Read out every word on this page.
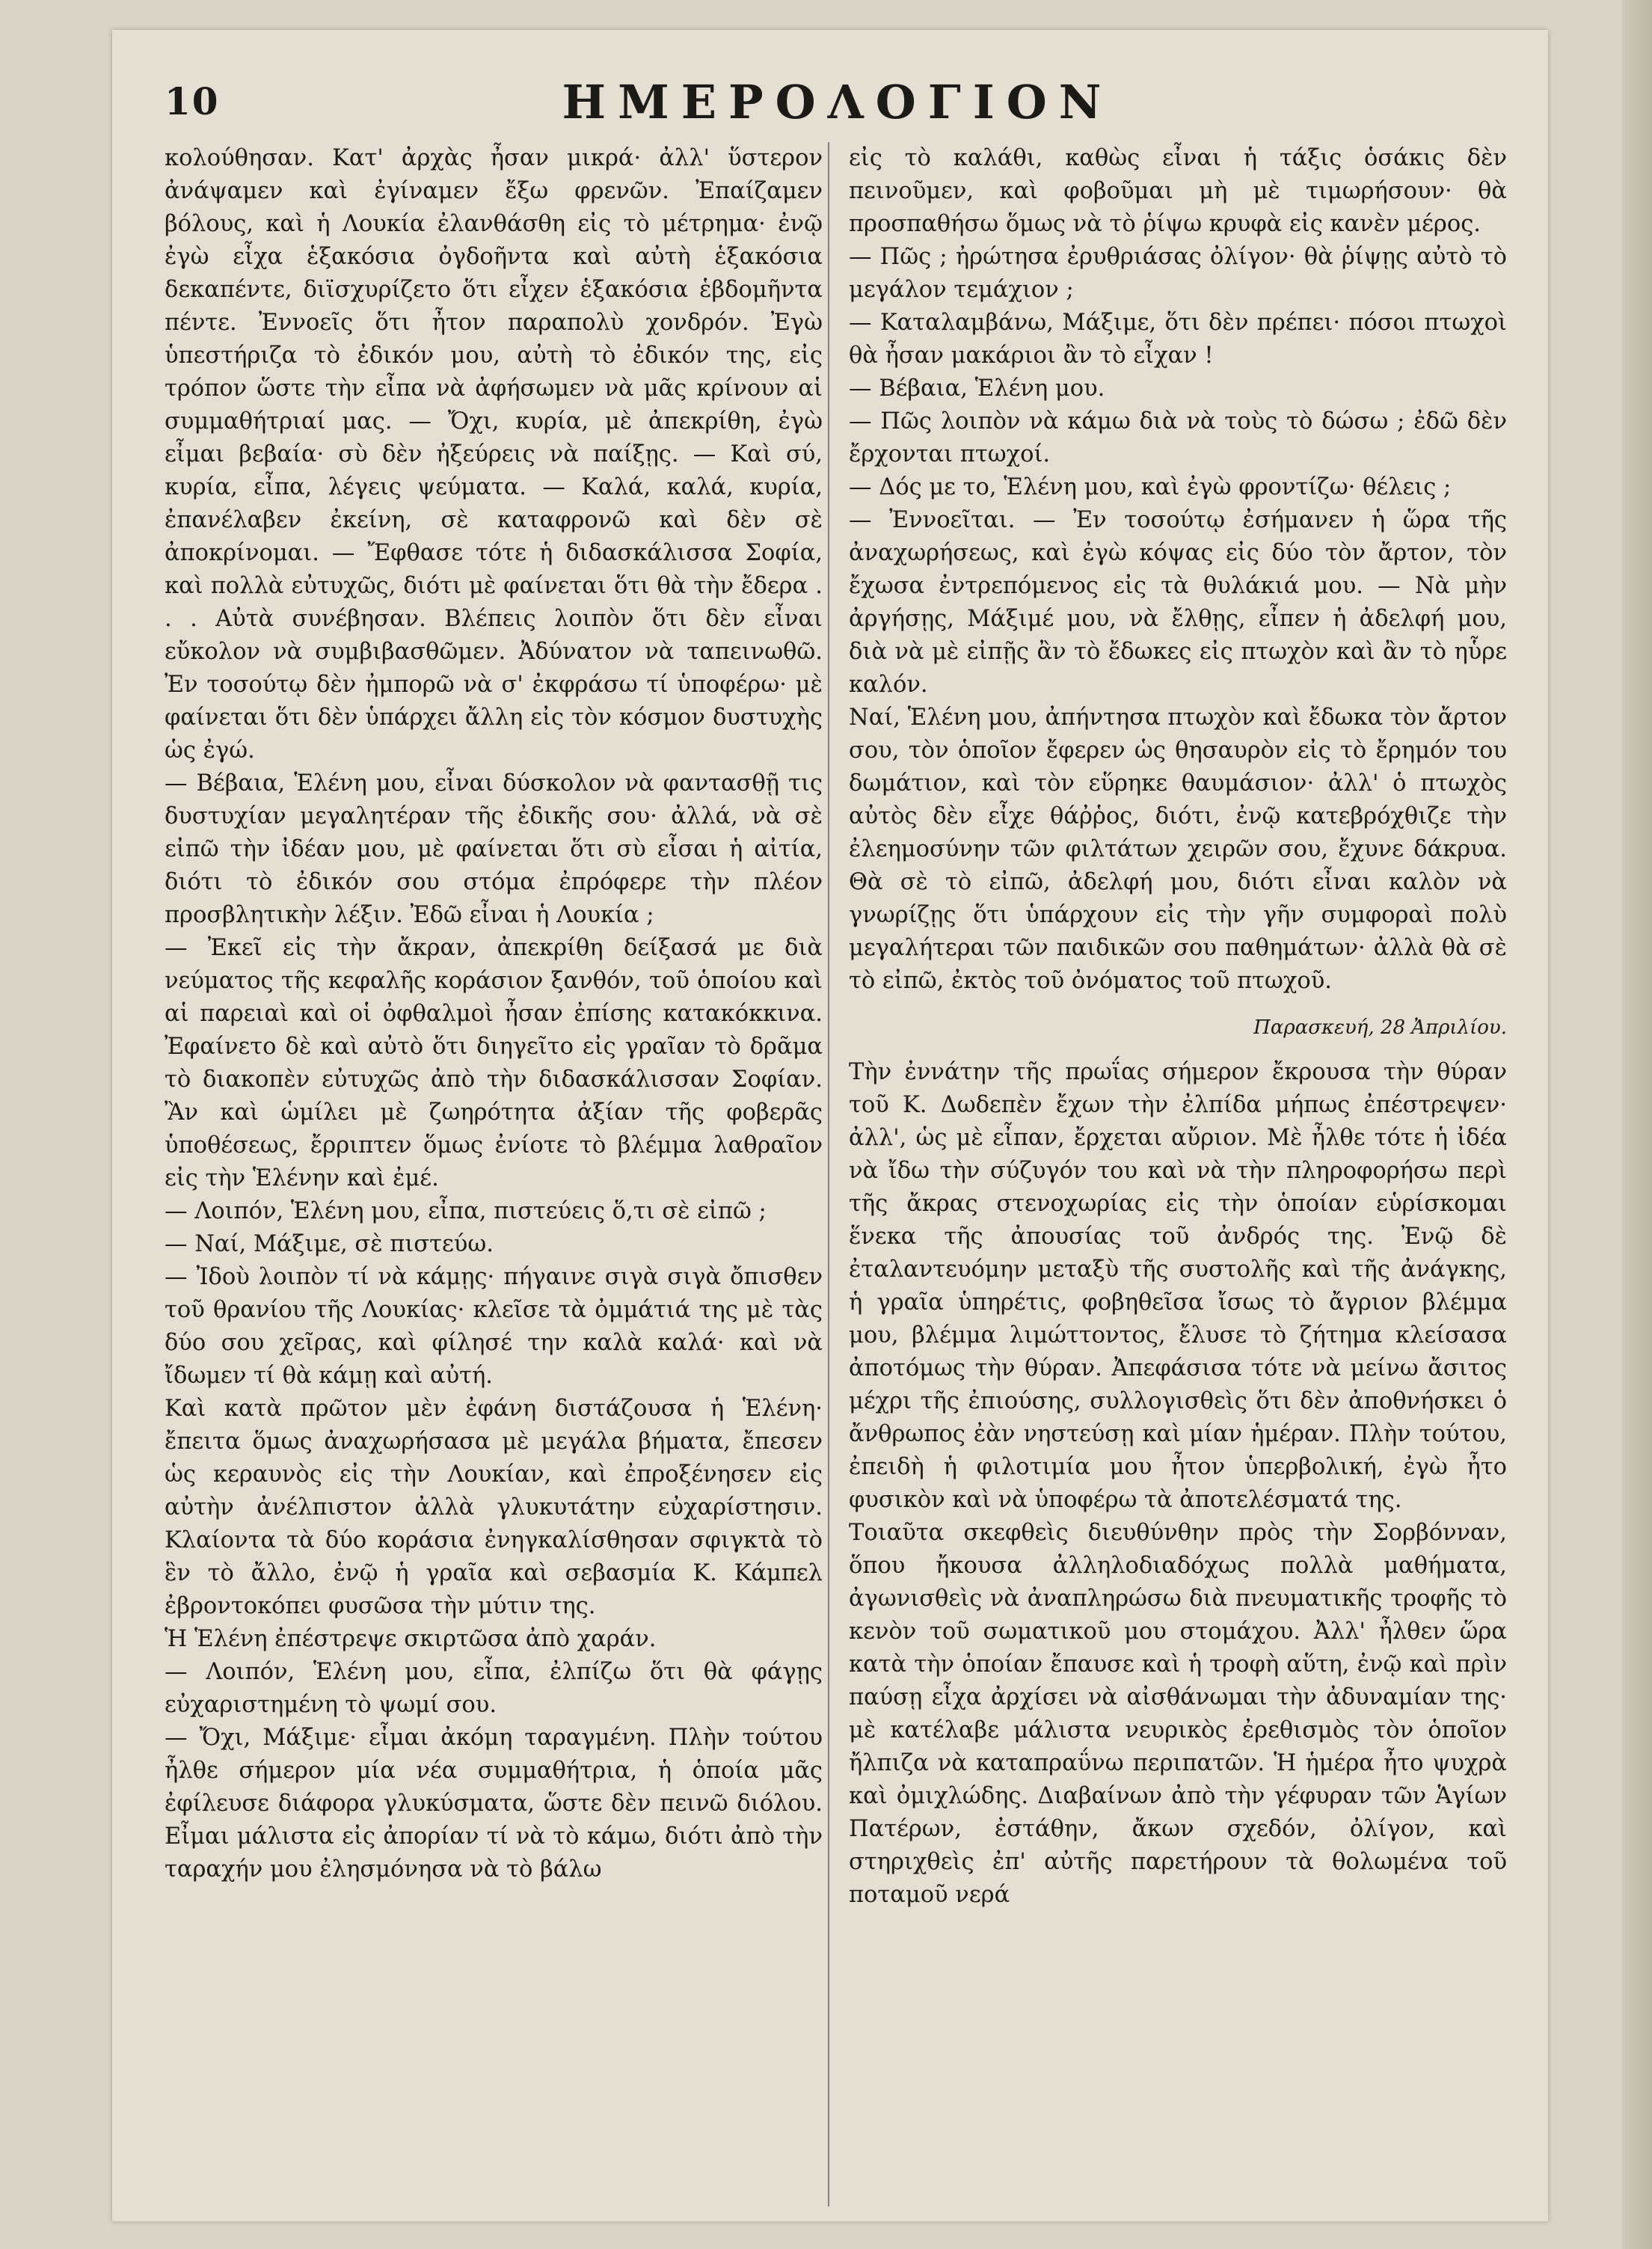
10	ΗΜΕΡΟΛΟΓΙΟΝ

κολούθησαν. Κατ' ἀρχὰς ἦσαν μικρά· ἀλλ' ὕστερον ἀνάψαμεν καὶ ἐγίναμεν ἔξω φρενῶν. Ἐπαίζαμεν βόλους, καὶ ἡ Λουκία ἐλανθάσθη εἰς τὸ μέτρημα· ἐνῷ ἐγὼ εἶχα ἑξακόσια ὀγδοῆντα καὶ αὐτὴ ἑξακόσια δεκαπέντε, διϊσχυρίζετο ὅτι εἶχεν ἑξακόσια ἑβδομῆντα πέντε. Ἐννοεῖς ὅτι ἦτον παραπολὺ χονδρόν. Ἐγὼ ὑπεστήριζα τὸ ἐδικόν μου, αὐτὴ τὸ ἐδικόν της, εἰς τρόπον ὥστε τὴν εἶπα νὰ ἀφήσωμεν νὰ μᾶς κρίνουν αἱ συμμαθήτριαί μας. — Ὄχι, κυρία, μὲ ἀπεκρίθη, ἐγὼ εἶμαι βεβαία· σὺ δὲν ἠξεύρεις νὰ παίξῃς. — Καὶ σύ, κυρία, εἶπα, λέγεις ψεύματα. — Καλά, καλά, κυρία, ἐπανέλαβεν ἐκείνη, σὲ καταφρονῶ καὶ δὲν σὲ ἀποκρίνομαι. — Ἔφθασε τότε ἡ διδασκάλισσα Σοφία, καὶ πολλὰ εὐτυχῶς, διότι μὲ φαίνεται ὅτι θὰ τὴν ἔδερα . . . Αὐτὰ συνέβησαν. Βλέπεις λοιπὸν ὅτι δὲν εἶναι εὔκολον νὰ συμβιβασθῶμεν. Ἀδύνατον νὰ ταπεινωθῶ. Ἐν τοσούτῳ δὲν ἠμπορῶ νὰ σ' ἐκφράσω τί ὑποφέρω· μὲ φαίνεται ὅτι δὲν ὑπάρχει ἄλλη εἰς τὸν κόσμον δυστυχὴς ὡς ἐγώ.

— Βέβαια, Ἑλένη μου, εἶναι δύσκολον νὰ φαντασθῇ τις δυστυχίαν μεγαλητέραν τῆς ἐδικῆς σου· ἀλλά, νὰ σὲ εἰπῶ τὴν ἰδέαν μου, μὲ φαίνεται ὅτι σὺ εἶσαι ἡ αἰτία, διότι τὸ ἐδικόν σου στόμα ἐπρόφερε τὴν πλέον προσβλητικὴν λέξιν. Ἐδῶ εἶναι ἡ Λουκία ;

— Ἐκεῖ εἰς τὴν ἄκραν, ἀπεκρίθη δείξασά με διὰ νεύματος τῆς κεφαλῆς κοράσιον ξανθόν, τοῦ ὁποίου καὶ αἱ παρειαὶ καὶ οἱ ὀφθαλμοὶ ἦσαν ἐπίσης κατακόκκινα. Ἐφαίνετο δὲ καὶ αὐτὸ ὅτι διηγεῖτο εἰς γραῖαν τὸ δρᾶμα τὸ διακοπὲν εὐτυχῶς ἀπὸ τὴν διδασκάλισσαν Σοφίαν. Ἂν καὶ ὡμίλει μὲ ζωηρότητα ἀξίαν τῆς φοβερᾶς ὑποθέσεως, ἔρριπτεν ὅμως ἐνίοτε τὸ βλέμμα λαθραῖον εἰς τὴν Ἑλένην καὶ ἐμέ.

— Λοιπόν, Ἑλένη μου, εἶπα, πιστεύεις ὅ,τι σὲ εἰπῶ ;

— Ναί, Μάξιμε, σὲ πιστεύω.

— Ἰδοὺ λοιπὸν τί νὰ κάμῃς· πήγαινε σιγὰ σιγὰ ὄπισθεν τοῦ θρανίου τῆς Λουκίας· κλεῖσε τὰ ὀμμάτιά της μὲ τὰς δύο σου χεῖρας, καὶ φίλησέ την καλὰ καλά· καὶ νὰ ἴδωμεν τί θὰ κάμῃ καὶ αὐτή.

Καὶ κατὰ πρῶτον μὲν ἐφάνη διστάζουσα ἡ Ἑλένη· ἔπειτα ὅμως ἀναχωρήσασα μὲ μεγάλα βήματα, ἔπεσεν ὡς κεραυνὸς εἰς τὴν Λουκίαν, καὶ ἐπροξένησεν εἰς αὐτὴν ἀνέλπιστον ἀλλὰ γλυκυτάτην εὐχαρίστησιν. Κλαίοντα τὰ δύο κοράσια ἐνηγκαλίσθησαν σφιγκτὰ τὸ ἓν τὸ ἄλλο, ἐνῷ ἡ γραῖα καὶ σεβασμία Κ. Κάμπελ ἐβροντοκόπει φυσῶσα τὴν μύτιν της.

Ἡ Ἑλένη ἐπέστρεψε σκιρτῶσα ἀπὸ χαράν.

— Λοιπόν, Ἑλένη μου, εἶπα, ἐλπίζω ὅτι θὰ φάγῃς εὐχαριστημένη τὸ ψωμί σου.

— Ὄχι, Μάξιμε· εἶμαι ἀκόμη ταραγμένη. Πλὴν τούτου ἦλθε σήμερον μία νέα συμμαθήτρια, ἡ ὁποία μᾶς ἐφίλευσε διάφορα γλυκύσματα, ὥστε δὲν πεινῶ διόλου. Εἶμαι μάλιστα εἰς ἀπορίαν τί νὰ τὸ κάμω, διότι ἀπὸ τὴν ταραχήν μου ἐλησμόνησα νὰ τὸ βάλω

εἰς τὸ καλάθι, καθὼς εἶναι ἡ τάξις ὁσάκις δὲν πεινοῦμεν, καὶ φοβοῦμαι μὴ μὲ τιμωρήσουν· θὰ προσπαθήσω ὅμως νὰ τὸ ῥίψω κρυφὰ εἰς κανὲν μέρος.

— Πῶς ; ἠρώτησα ἐρυθριάσας ὀλίγον· θὰ ῥίψῃς αὐτὸ τὸ μεγάλον τεμάχιον ;

— Καταλαμβάνω, Μάξιμε, ὅτι δὲν πρέπει· πόσοι πτωχοὶ θὰ ἦσαν μακάριοι ἂν τὸ εἶχαν !

— Βέβαια, Ἑλένη μου.

— Πῶς λοιπὸν νὰ κάμω διὰ νὰ τοὺς τὸ δώσω ; ἐδῶ δὲν ἔρχονται πτωχοί.

— Δός με το, Ἑλένη μου, καὶ ἐγὼ φροντίζω· θέλεις ;

— Ἐννοεῖται. — Ἐν τοσούτῳ ἐσήμανεν ἡ ὥρα τῆς ἀναχωρήσεως, καὶ ἐγὼ κόψας εἰς δύο τὸν ἄρτον, τὸν ἔχωσα ἐντρεπόμενος εἰς τὰ θυλάκιά μου. — Νὰ μὴν ἀργήσῃς, Μάξιμέ μου, νὰ ἔλθῃς, εἶπεν ἡ ἀδελφή μου, διὰ νὰ μὲ εἰπῇς ἂν τὸ ἔδωκες εἰς πτωχὸν καὶ ἂν τὸ ηὗρε καλόν.

Ναί, Ἑλένη μου, ἀπήντησα πτωχὸν καὶ ἔδωκα τὸν ἄρτον σου, τὸν ὁποῖον ἔφερεν ὡς θησαυρὸν εἰς τὸ ἔρημόν του δωμάτιον, καὶ τὸν εὕρηκε θαυμάσιον· ἀλλ' ὁ πτωχὸς αὐτὸς δὲν εἶχε θάῤῥος, διότι, ἐνῷ κατεβρόχθιζε τὴν ἐλεημοσύνην τῶν φιλτάτων χειρῶν σου, ἔχυνε δάκρυα. Θὰ σὲ τὸ εἰπῶ, ἀδελφή μου, διότι εἶναι καλὸν νὰ γνωρίζῃς ὅτι ὑπάρχουν εἰς τὴν γῆν συμφοραὶ πολὺ μεγαλήτεραι τῶν παιδικῶν σου παθημάτων· ἀλλὰ θὰ σὲ τὸ εἰπῶ, ἐκτὸς τοῦ ὀνόματος τοῦ πτωχοῦ.

Παρασκευή, 28 Ἀπριλίου.

Τὴν ἐννάτην τῆς πρωΐας σήμερον ἔκρουσα τὴν θύραν τοῦ Κ. Δωδεπὲν ἔχων τὴν ἐλπίδα μήπως ἐπέστρεψεν· ἀλλ', ὡς μὲ εἶπαν, ἔρχεται αὔριον. Μὲ ἦλθε τότε ἡ ἰδέα νὰ ἴδω τὴν σύζυγόν του καὶ νὰ τὴν πληροφορήσω περὶ τῆς ἄκρας στενοχωρίας εἰς τὴν ὁποίαν εὑρίσκομαι ἕνεκα τῆς ἀπουσίας τοῦ ἀνδρός της. Ἐνῷ δὲ ἐταλαντευόμην μεταξὺ τῆς συστολῆς καὶ τῆς ἀνάγκης, ἡ γραῖα ὑπηρέτις, φοβηθεῖσα ἴσως τὸ ἄγριον βλέμμα μου, βλέμμα λιμώττοντος, ἔλυσε τὸ ζήτημα κλείσασα ἀποτόμως τὴν θύραν. Ἀπεφάσισα τότε νὰ μείνω ἄσιτος μέχρι τῆς ἐπιούσης, συλλογισθεὶς ὅτι δὲν ἀποθνήσκει ὁ ἄνθρωπος ἐὰν νηστεύσῃ καὶ μίαν ἡμέραν. Πλὴν τούτου, ἐπειδὴ ἡ φιλοτιμία μου ἦτον ὑπερβολική, ἐγὼ ἦτο φυσικὸν καὶ νὰ ὑποφέρω τὰ ἀποτελέσματά της.

Τοιαῦτα σκεφθεὶς διευθύνθην πρὸς τὴν Σορβόνναν, ὅπου ἤκουσα ἀλληλοδιαδόχως πολλὰ μαθήματα, ἀγωνισθεὶς νὰ ἀναπληρώσω διὰ πνευματικῆς τροφῆς τὸ κενὸν τοῦ σωματικοῦ μου στομάχου. Ἀλλ' ἦλθεν ὥρα κατὰ τὴν ὁποίαν ἔπαυσε καὶ ἡ τροφὴ αὕτη, ἐνῷ καὶ πρὶν παύσῃ εἶχα ἀρχίσει νὰ αἰσθάνωμαι τὴν ἀδυναμίαν της· μὲ κατέλαβε μάλιστα νευρικὸς ἐρεθισμὸς τὸν ὁποῖον ἤλπιζα νὰ καταπραΰνω περιπατῶν. Ἡ ἡμέρα ἦτο ψυχρὰ καὶ ὀμιχλώδης. Διαβαίνων ἀπὸ τὴν γέφυραν τῶν Ἁγίων Πατέρων, ἐστάθην, ἄκων σχεδόν, ὀλίγον, καὶ στηριχθεὶς ἐπ' αὐτῆς παρετήρουν τὰ θολωμένα τοῦ ποταμοῦ νερά
